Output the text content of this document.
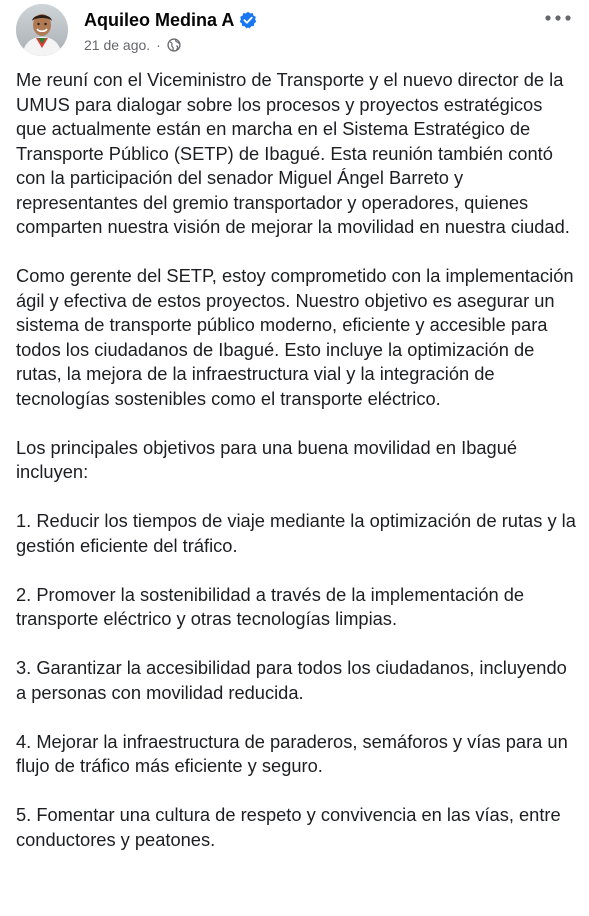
Aquileo Medina A
21 de ago. ·

Me reuní con el Viceministro de Transporte y el nuevo director de la UMUS para dialogar sobre los procesos y proyectos estratégicos que actualmente están en marcha en el Sistema Estratégico de Transporte Público (SETP) de Ibagué. Esta reunión también contó con la participación del senador Miguel Ángel Barreto y representantes del gremio transportador y operadores, quienes comparten nuestra visión de mejorar la movilidad en nuestra ciudad.

Como gerente del SETP, estoy comprometido con la implementación ágil y efectiva de estos proyectos. Nuestro objetivo es asegurar un sistema de transporte público moderno, eficiente y accesible para todos los ciudadanos de Ibagué. Esto incluye la optimización de rutas, la mejora de la infraestructura vial y la integración de tecnologías sostenibles como el transporte eléctrico.

Los principales objetivos para una buena movilidad en Ibagué incluyen:

1. Reducir los tiempos de viaje mediante la optimización de rutas y la gestión eficiente del tráfico.

2. Promover la sostenibilidad a través de la implementación de transporte eléctrico y otras tecnologías limpias.

3. Garantizar la accesibilidad para todos los ciudadanos, incluyendo a personas con movilidad reducida.

4. Mejorar la infraestructura de paraderos, semáforos y vías para un flujo de tráfico más eficiente y seguro.

5. Fomentar una cultura de respeto y convivencia en las vías, entre conductores y peatones.
